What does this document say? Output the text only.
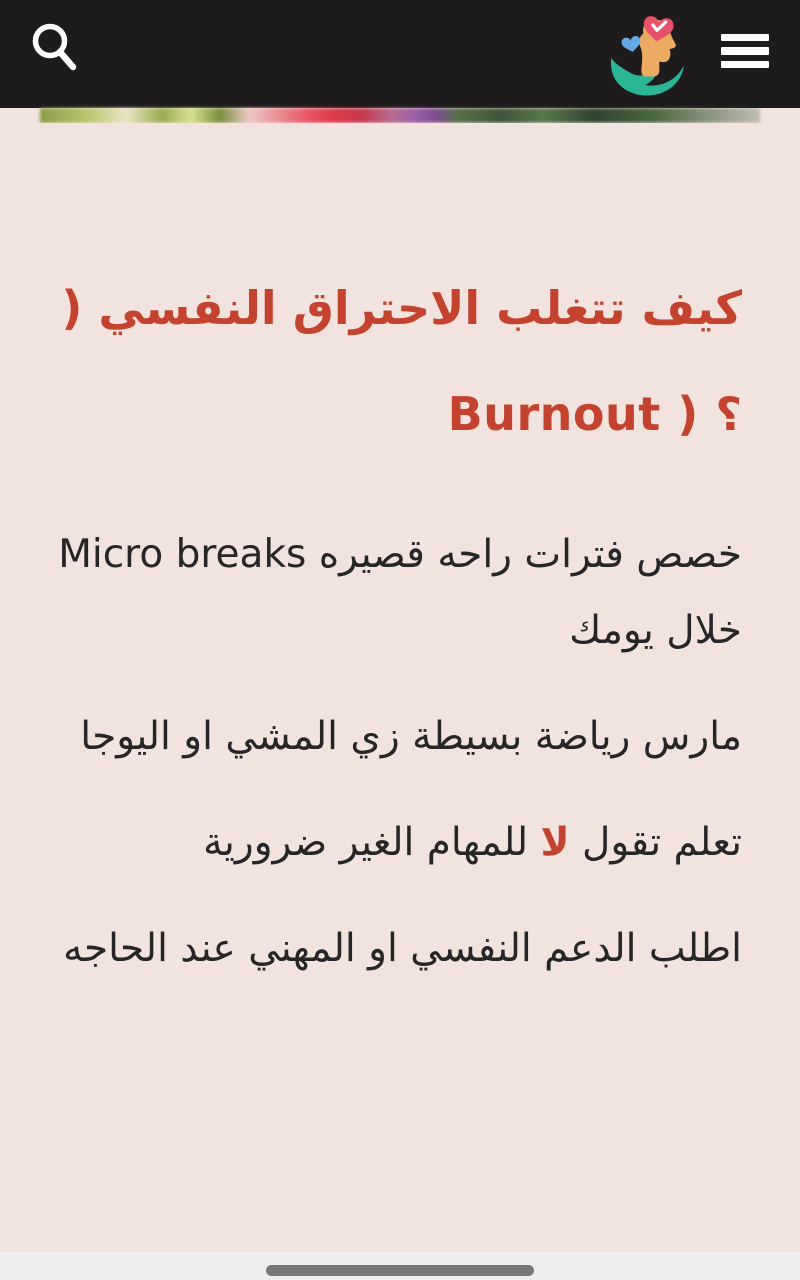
كيف تتغلب الاحتراق النفسي (
Burnout ) ؟

خصص فترات راحه قصيره Micro breaks خلال يومك

مارس رياضة بسيطة زي المشي او اليوجا

تعلم تقول لا للمهام الغير ضرورية

اطلب الدعم النفسي او المهني عند الحاجه
